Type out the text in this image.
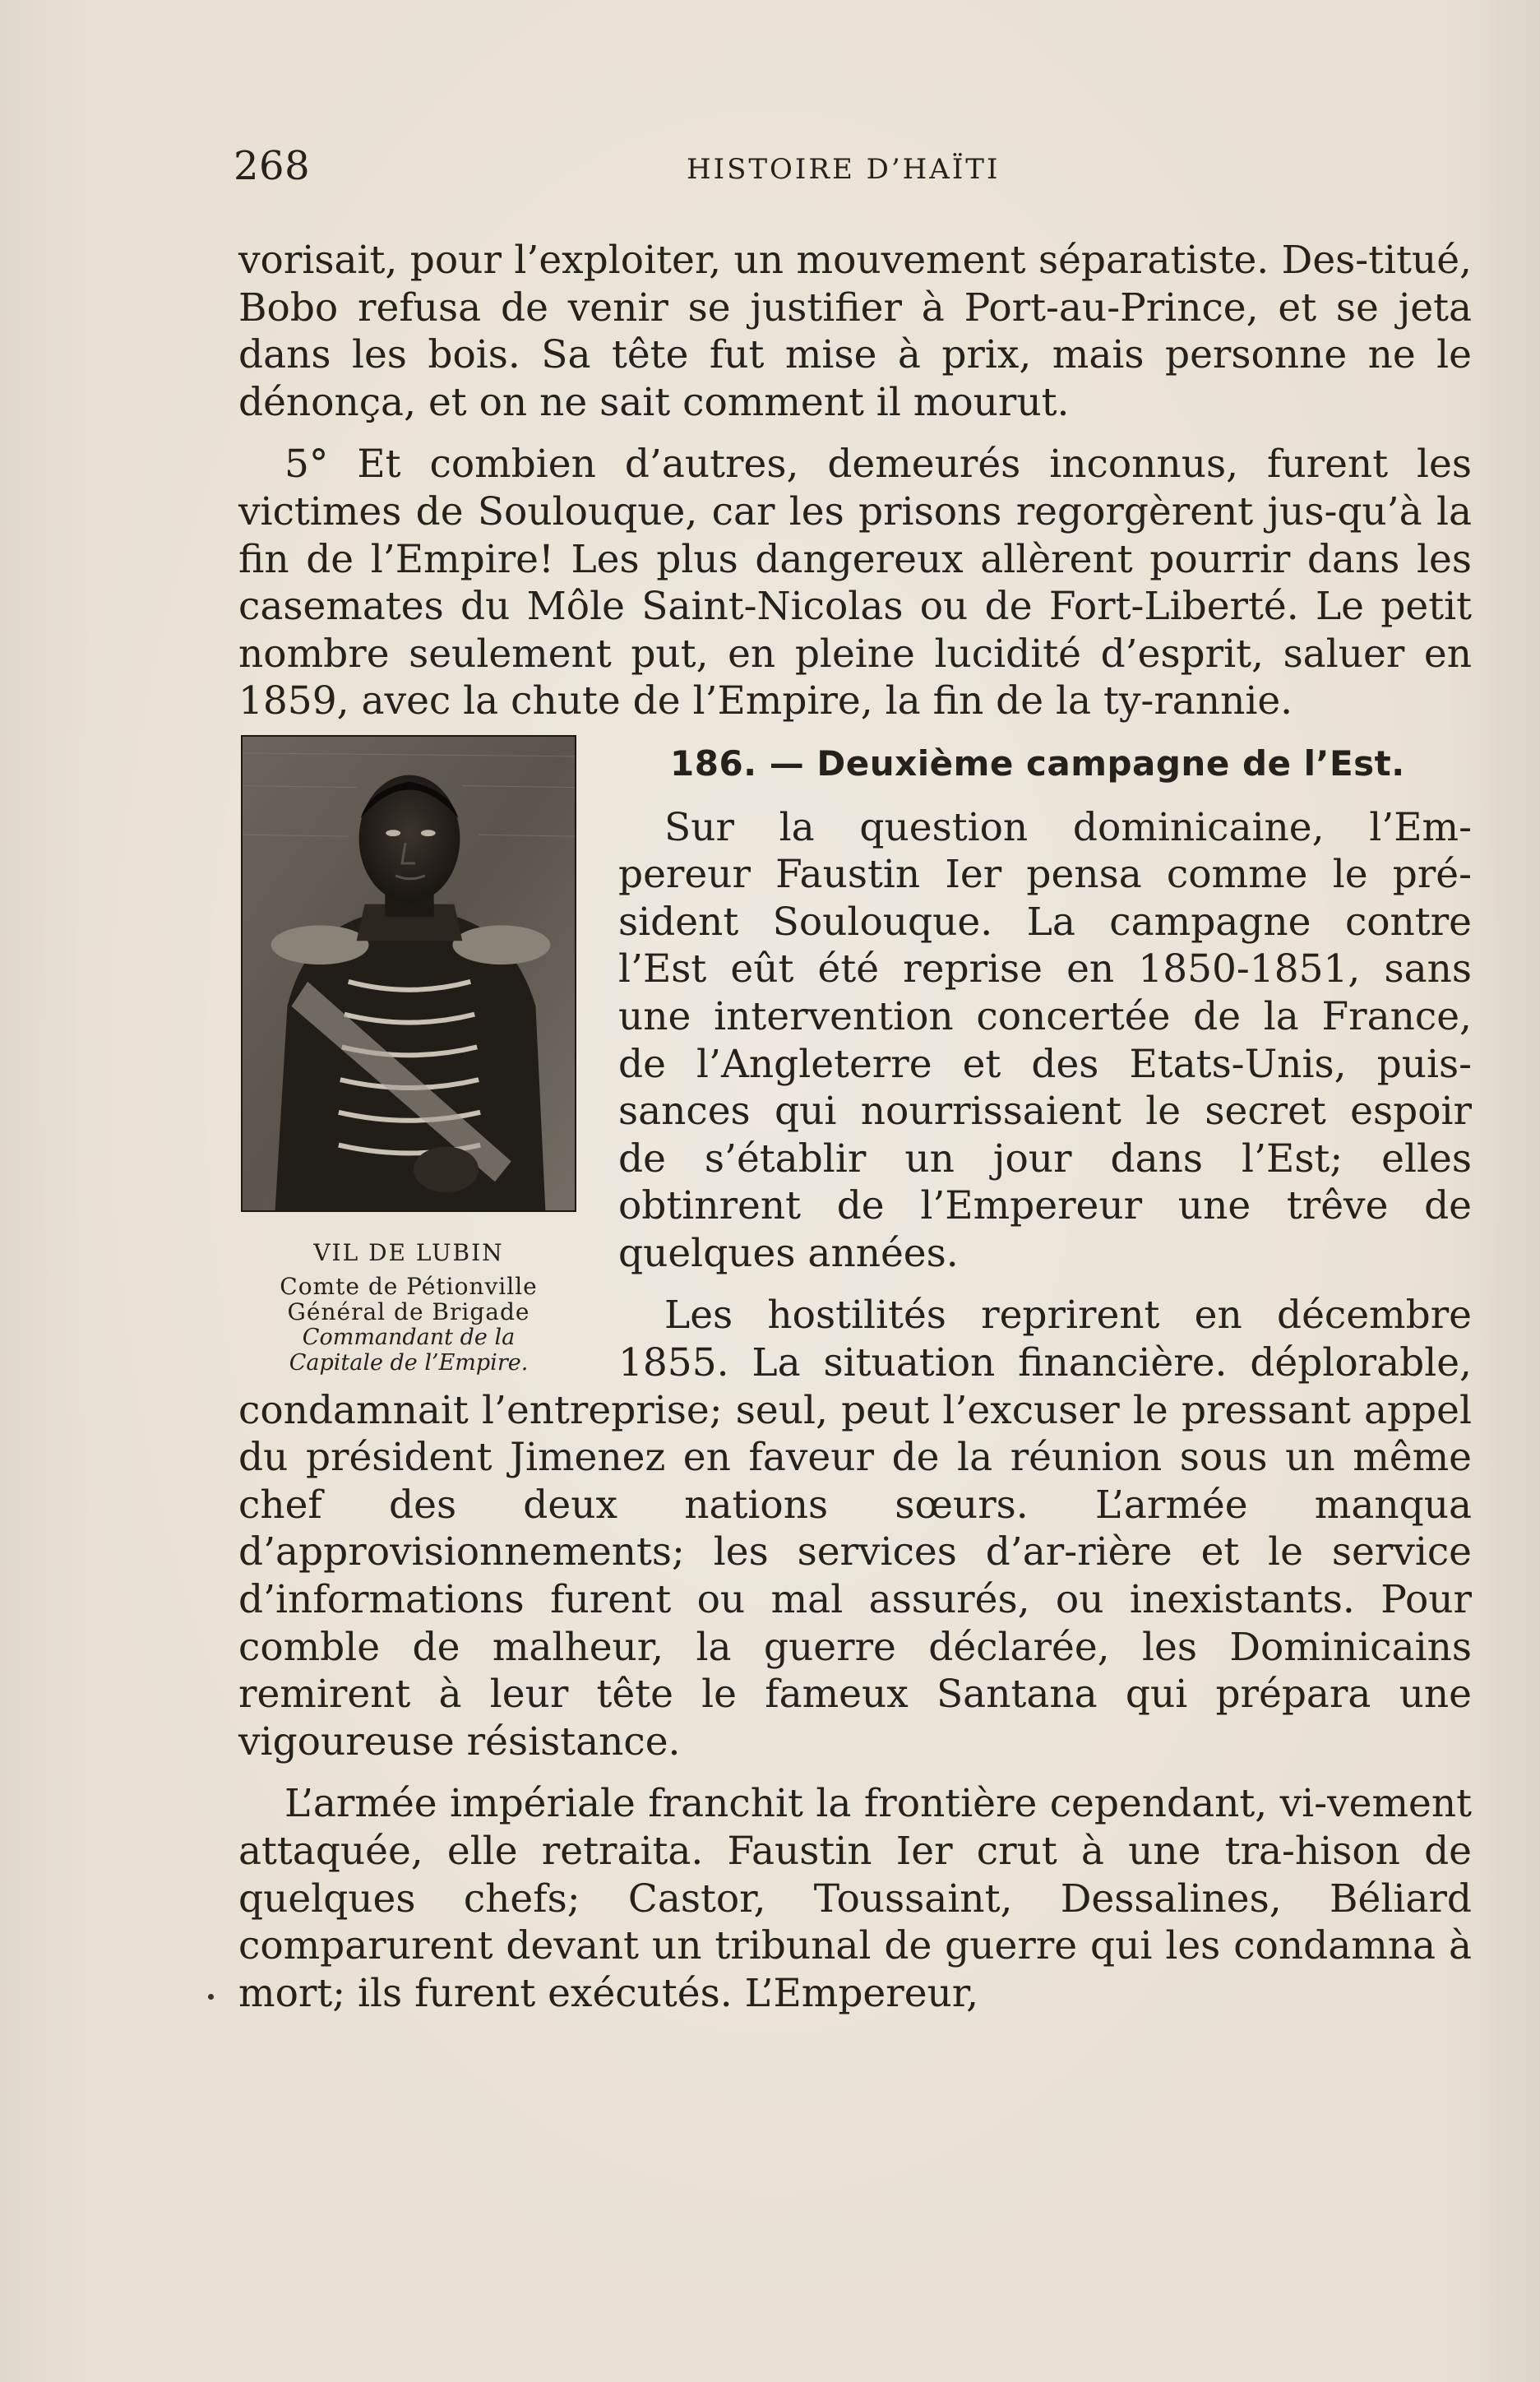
268	HISTOIRE D’HAÏTI

vorisait, pour l’exploiter, un mouvement séparatiste. Des-titué, Bobo refusa de venir se justifier à Port-au-Prince, et se jeta dans les bois. Sa tête fut mise à prix, mais personne ne le dénonça, et on ne sait comment il mourut.

5° Et combien d’autres, demeurés inconnus, furent les victimes de Soulouque, car les prisons regorgèrent jus-qu’à la fin de l’Empire! Les plus dangereux allèrent pourrir dans les casemates du Môle Saint-Nicolas ou de Fort-Liberté. Le petit nombre seulement put, en pleine lucidité d’esprit, saluer en 1859, avec la chute de l’Empire, la fin de la ty-rannie.

VIL DE LUBIN
Comte de Pétionville
Général de Brigade
Commandant de la
Capitale de l’Empire.
186. — Deuxième campagne de l’Est.

Sur la question dominicaine, l’Em-pereur Faustin Ier pensa comme le pré-sident Soulouque. La campagne contre l’Est eût été reprise en 1850-1851, sans une intervention concertée de la France, de l’Angleterre et des Etats-Unis, puis-sances qui nourrissaient le secret espoir de s’établir un jour dans l’Est; elles obtinrent de l’Empereur une trêve de quelques années.

Les hostilités reprirent en décembre 1855. La situation financière. déplorable, condamnait l’entreprise; seul, peut l’excuser le pressant appel du président Jimenez en faveur de la réunion sous un même chef des deux nations sœurs. L’armée manqua d’approvisionnements; les services d’ar-rière et le service d’informations furent ou mal assurés, ou inexistants. Pour comble de malheur, la guerre déclarée, les Dominicains remirent à leur tête le fameux Santana qui prépara une vigoureuse résistance.

L’armée impériale franchit la frontière cependant, vi-vement attaquée, elle retraita. Faustin Ier crut à une tra-hison de quelques chefs; Castor, Toussaint, Dessalines, Béliard comparurent devant un tribunal de guerre qui les condamna à mort; ils furent exécutés. L’Empereur,
